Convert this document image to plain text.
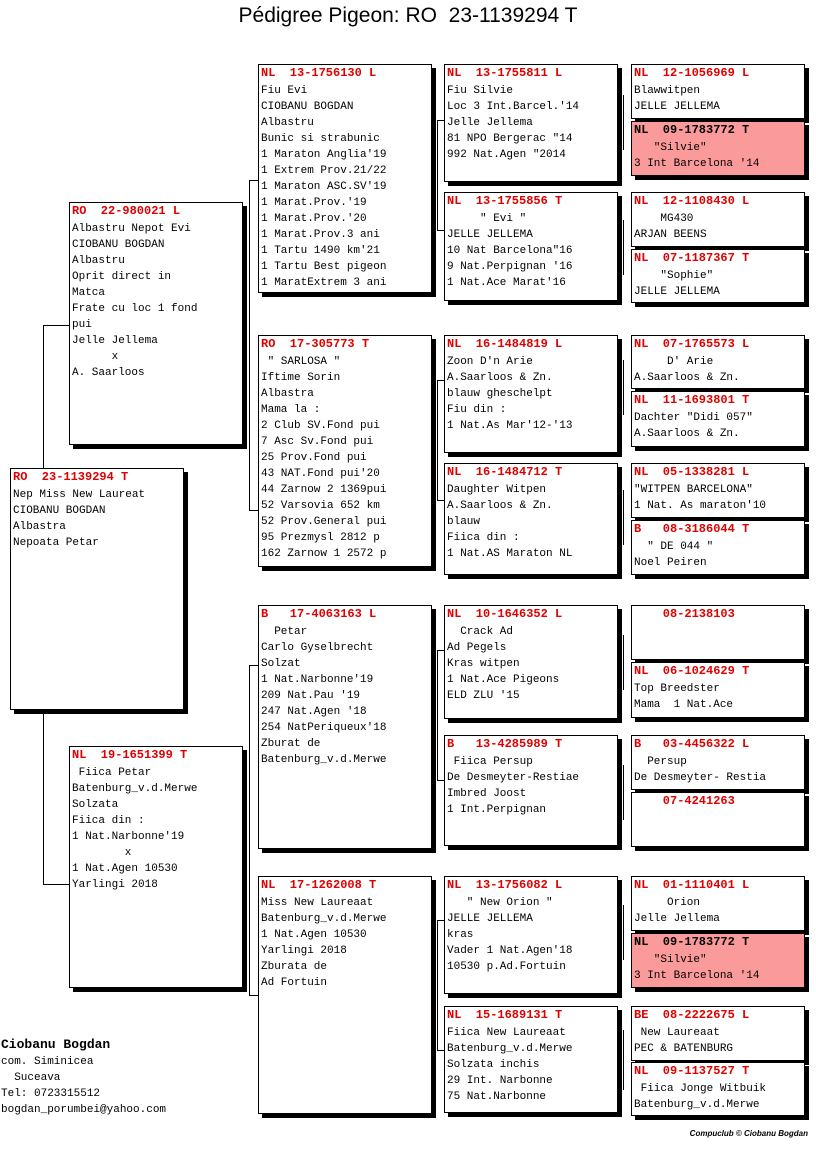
Pédigree Pigeon: RO  23-1139294 T
RO  23-1139294 T
Nep Miss New Laureat
CIOBANU BOGDAN
Albastra
Nepoata Petar
RO  22-980021 L
Albastru Nepot Evi
CIOBANU BOGDAN
Albastru
Oprit direct in
Matca
Frate cu loc 1 fond
pui
Jelle Jellema
x
A. Saarloos
NL  19-1651399 T
Fiica Petar
Batenburg_v.d.Merwe
Solzata
Fiica din :
1 Nat.Narbonne'19
x
1 Nat.Agen 10530
Yarlingi 2018
NL  13-1756130 L
Fiu Evi
CIOBANU BOGDAN
Albastru
Bunic si strabunic
1 Maraton Anglia'19
1 Extrem Prov.21/22
1 Maraton ASC.SV'19
1 Marat.Prov.'19
1 Marat.Prov.'20
1 Marat.Prov.3 ani
1 Tartu 1490 km'21
1 Tartu Best pigeon
1 MaratExtrem 3 ani
RO  17-305773 T
" SARLOSA "
Iftime Sorin
Albastra
Mama la :
2 Club SV.Fond pui
7 Asc Sv.Fond pui
25 Prov.Fond pui
43 NAT.Fond pui'20
44 Zarnow 2 1369pui
52 Varsovia 652 km
52 Prov.General pui
95 Prezmysl 2812 p
162 Zarnow 1 2572 p
B   17-4063163 L
Petar
Carlo Gyselbrecht
Solzat
1 Nat.Narbonne'19
209 Nat.Pau '19
247 Nat.Agen '18
254 NatPeriqueux'18
Zburat de
Batenburg_v.d.Merwe
NL  17-1262008 T
Miss New Laureaat
Batenburg_v.d.Merwe
1 Nat.Agen 10530
Yarlingi 2018
Zburata de
Ad Fortuin
NL  13-1755811 L
Fiu Silvie
Loc 3 Int.Barcel.'14
Jelle Jellema
81 NPO Bergerac "14
992 Nat.Agen "2014
NL  13-1755856 T
" Evi "
JELLE JELLEMA
10 Nat Barcelona"16
9 Nat.Perpignan '16
1 Nat.Ace Marat'16
NL  16-1484819 L
Zoon D'n Arie
A.Saarloos & Zn.
blauw gheschelpt
Fiu din :
1 Nat.As Mar'12-'13
NL  16-1484712 T
Daughter Witpen
A.Saarloos & Zn.
blauw
Fiica din :
1 Nat.AS Maraton NL
NL  10-1646352 L
Crack Ad
Ad Pegels
Kras witpen
1 Nat.Ace Pigeons
ELD ZLU '15
B   13-4285989 T
Fiica Persup
De Desmeyter-Restiae
Imbred Joost
1 Int.Perpignan
NL  13-1756082 L
" New Orion "
JELLE JELLEMA
kras
Vader 1 Nat.Agen'18
10530 p.Ad.Fortuin
NL  15-1689131 T
Fiica New Laureaat
Batenburg_v.d.Merwe
Solzata inchis
29 Int. Narbonne
75 Nat.Narbonne
NL  12-1056969 L
Blawwitpen
JELLE JELLEMA
NL  09-1783772 T
"Silvie"
3 Int Barcelona '14
NL  12-1108430 L
MG430
ARJAN BEENS
NL  07-1187367 T
"Sophie"
JELLE JELLEMA
NL  07-1765573 L
D' Arie
A.Saarloos & Zn.
NL  11-1693801 T
Dachter "Didi 057"
A.Saarloos & Zn.
NL  05-1338281 L
"WITPEN BARCELONA"
1 Nat. As maraton'10
B   08-3186044 T
" DE 044 "
Noel Peiren
08-2138103
NL  06-1024629 T
Top Breedster
Mama  1 Nat.Ace
B   03-4456322 L
Persup
De Desmeyter- Restia
07-4241263
NL  01-1110401 L
Orion
Jelle Jellema
NL  09-1783772 T
"Silvie"
3 Int Barcelona '14
BE  08-2222675 L
New Laureaat
PEC & BATENBURG
NL  09-1137527 T
Fiica Jonge Witbuik
Batenburg_v.d.Merwe
Ciobanu Bogdan
com. Siminicea
Suceava
Tel: 0723315512
bogdan_porumbei@yahoo.com
Compuclub © Ciobanu Bogdan
